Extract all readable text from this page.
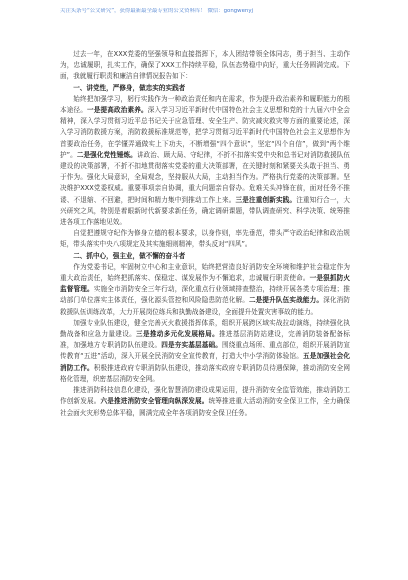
关注头条号“公文研究”，获得最新最全最专业的公文资料库！ 微信：gongwenyj

过去一年，在XXX党委的坚强领导和直接指挥下，本人团结带领全体同志，勇于担当、主动作为，忠诚履职，扎实工作，确保了XXX工作持续平稳，队伍态势稳中向好，重大任务圆满完成。下面，我就履行职责和廉洁自律情况报告如下：

一、讲党性，严修身，做忠实的实践者

始终把加强学习，躬行实践作为一种政治责任和内在需求，作为提升政治素养和履职能力的根本途径。一是提高政治素养。深入学习习近平新时代中国特色社会主义思想和党的十九届六中全会精神，深入学习贯彻习近平总书记关于应急管理、安全生产、防灾减灾救灾等方面的重要论述，深入学习消防救援方案，消防救援标准规范等，把学习贯彻习近平新时代中国特色社会主义思想作为首要政治任务，在学懂弄通做实上下功夫，不断增强“四个意识”，坚定“四个自信”，做到“两个维护”。二是强化党性锤炼。讲政治、顾大局、守纪律，不折不扣落实党中央和总书记对消防救援队伍建设的决策部署，不折不扣地贯彻落实党委的重大决策部署，在关键时刻和紧要关头敢于担当、勇于作为。强化大局意识，全局观念，坚持服从大局，主动担当作为。严格执行党委的决策部署。坚决维护XXX党委权威。重要事项亲自协调，重大问题亲自督办。危难关头冲锋在前，面对任务不推诿、不退缩、不回避，把时间和精力集中到推动工作上来。三是注重创新实践。注重知行合一，大兴研究之风，特别是着眼新时代新要求新任务，确定调研课题，带队调查研究、科学决策、统筹推进各项工作落地见效。

自觉把遵规守纪作为修身立德的根本要求，以身作则，率先垂范，带头严守政治纪律和政治规矩，带头落实中央八项规定及其实施细则精神，带头反对“四风”。

二、抓中心，强主业，做不懈的奋斗者

作为党委书记，牢固树立中心和主业意识，始终把营造良好消防安全环境和维护社会稳定作为重大政治责任，始终把抓落实、保稳定、谋发展作为不懈追求，忠诚履行职责使命。一是狠抓防火监督管理。实施全市消防安全三年行动，深化重点行业领域排查整治，持续开展各类专项治理；推动部门单位落实主体责任，强化源头管控和风险隐患防范化解。二是提升队伍实战能力。深化消防救援队伍训练改革，大力开展岗位练兵和执勤战备建设，全面提升处置灾害事故的能力。

加强专业队伍建设，健全完善灭火救援指挥体系，组织开展跨区域实战拉动演练，持续强化执勤战备和应急力量建设。三是推动多元化发展格局。推进基层消防站建设，完善消防装备配备标准，加强地方专职消防队伍建设。四是夯实基层基础。围绕重点场所、重点部位，组织开展消防宣传教育“五进”活动，深入开展全民消防安全宣传教育，打造大中小学消防体验馆。五是加强社会化消防工作。积极推进政府专职消防队伍建设，推动落实政府专职消防员待遇保障，推动消防安全网格化管理，织密基层消防安全网。

推进消防科技信息化建设，强化智慧消防建设成果运用，提升消防安全监管效能，推动消防工作创新发展。六是推进消防安全管理向纵深发展。统筹推进重大活动消防安全保卫工作，全力确保社会面火灾形势总体平稳，圆满完成全年各项消防安全保卫任务。
